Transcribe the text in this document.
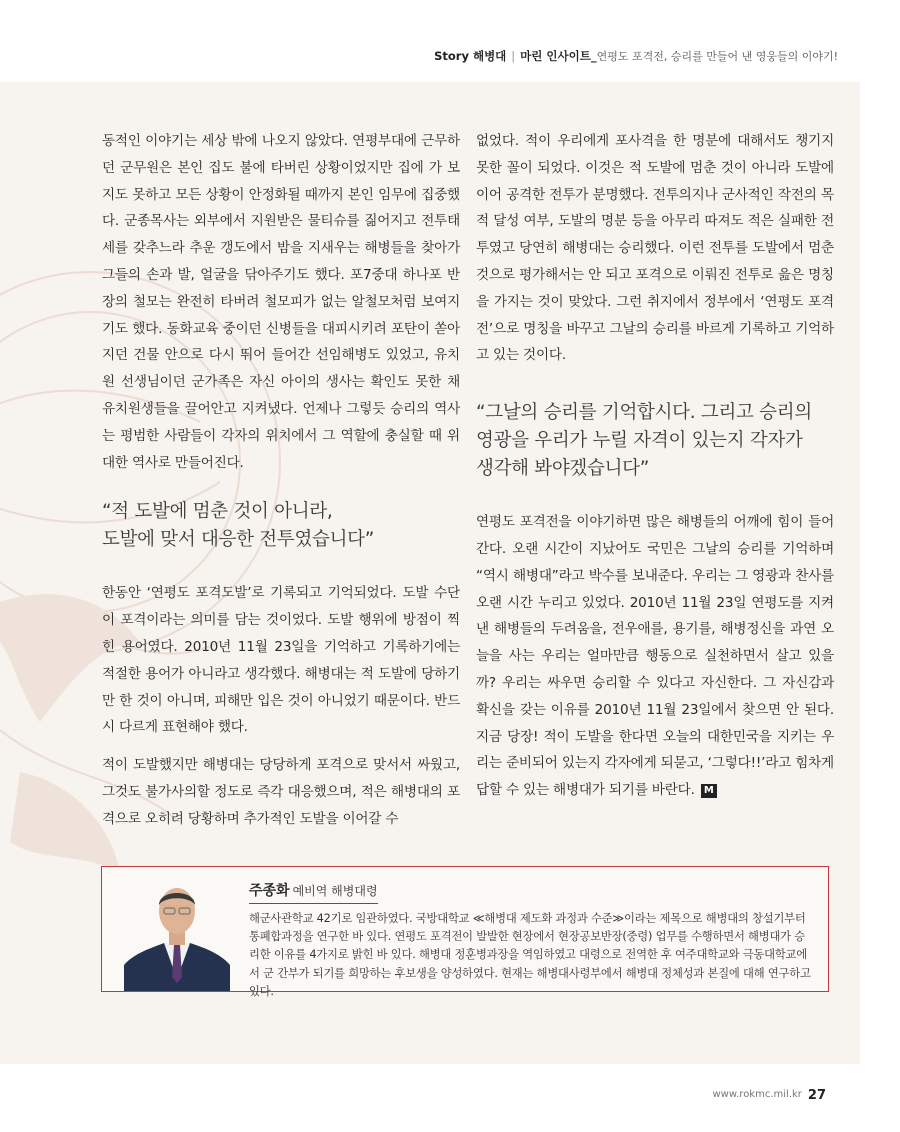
Story 해병대 | 마린 인사이트_연평도 포격전, 승리를 만들어 낸 영웅들의 이야기!

동적인 이야기는 세상 밖에 나오지 않았다. 연평부대에 근무하던 군무원은 본인 집도 불에 타버린 상황이었지만 집에 가 보지도 못하고 모든 상황이 안정화될 때까지 본인 임무에 집중했다. 군종목사는 외부에서 지원받은 물티슈를 짊어지고 전투태세를 갖추느라 추운 갱도에서 밤을 지새우는 해병들을 찾아가 그들의 손과 발, 얼굴을 닦아주기도 했다. 포7중대 하나포 반장의 철모는 완전히 타버려 철모피가 없는 알철모처럼 보여지기도 했다. 동화교육 중이던 신병들을 대피시키려 포탄이 쏟아지던 건물 안으로 다시 뛰어 들어간 선임해병도 있었고, 유치원 선생님이던 군가족은 자신 아이의 생사는 확인도 못한 채 유치원생들을 끌어안고 지켜냈다. 언제나 그렇듯 승리의 역사는 평범한 사람들이 각자의 위치에서 그 역할에 충실할 때 위대한 역사로 만들어진다.

“적 도발에 멈춘 것이 아니라,
도발에 맞서 대응한 전투였습니다”

한동안 ‘연평도 포격도발’로 기록되고 기억되었다. 도발 수단이 포격이라는 의미를 담는 것이었다. 도발 행위에 방점이 찍힌 용어였다. 2010년 11월 23일을 기억하고 기록하기에는 적절한 용어가 아니라고 생각했다. 해병대는 적 도발에 당하기만 한 것이 아니며, 피해만 입은 것이 아니었기 때문이다. 반드시 다르게 표현해야 했다.

적이 도발했지만 해병대는 당당하게 포격으로 맞서서 싸웠고, 그것도 불가사의할 정도로 즉각 대응했으며, 적은 해병대의 포격으로 오히려 당황하며 추가적인 도발을 이어갈 수

없었다. 적이 우리에게 포사격을 한 명분에 대해서도 챙기지 못한 꼴이 되었다. 이것은 적 도발에 멈춘 것이 아니라 도발에 이어 공격한 전투가 분명했다. 전투의지나 군사적인 작전의 목적 달성 여부, 도발의 명분 등을 아무리 따져도 적은 실패한 전투였고 당연히 해병대는 승리했다. 이런 전투를 도발에서 멈춘 것으로 평가해서는 안 되고 포격으로 이뤄진 전투로 읊은 명칭을 가지는 것이 맞았다. 그런 취지에서 정부에서 ‘연평도 포격전’으로 명칭을 바꾸고 그날의 승리를 바르게 기록하고 기억하고 있는 것이다.

“그날의 승리를 기억합시다. 그리고 승리의
영광을 우리가 누릴 자격이 있는지 각자가
생각해 봐야겠습니다”

연평도 포격전을 이야기하면 많은 해병들의 어깨에 힘이 들어간다. 오랜 시간이 지났어도 국민은 그날의 승리를 기억하며 “역시 해병대”라고 박수를 보내준다. 우리는 그 영광과 찬사를 오랜 시간 누리고 있었다. 2010년 11월 23일 연평도를 지켜낸 해병들의 두려움을, 전우애를, 용기를, 해병정신을 과연 오늘을 사는 우리는 얼마만큼 행동으로 실천하면서 살고 있을까? 우리는 싸우면 승리할 수 있다고 자신한다. 그 자신감과 확신을 갖는 이유를 2010년 11월 23일에서 찾으면 안 된다. 지금 당장! 적이 도발을 한다면 오늘의 대한민국을 지키는 우리는 준비되어 있는지 각자에게 되묻고, ‘그렇다!!’라고 힘차게 답할 수 있는 해병대가 되기를 바란다. M

주종화 예비역 해병대령

해군사관학교 42기로 임관하였다. 국방대학교 ≪해병대 제도화 과정과 수준≫이라는 제목으로 해병대의 창설기부터 통폐합과정을 연구한 바 있다. 연평도 포격전이 발발한 현장에서 현장공보반장(중령) 업무를 수행하면서 해병대가 승리한 이유를 4가지로 밝힌 바 있다. 해병대 정훈병과장을 역임하였고 대령으로 전역한 후 여주대학교와 극동대학교에서 군 간부가 되기를 희망하는 후보생을 양성하였다. 현재는 해병대사령부에서 해병대 정체성과 본질에 대해 연구하고 있다.

www.rokmc.mil.kr 27
